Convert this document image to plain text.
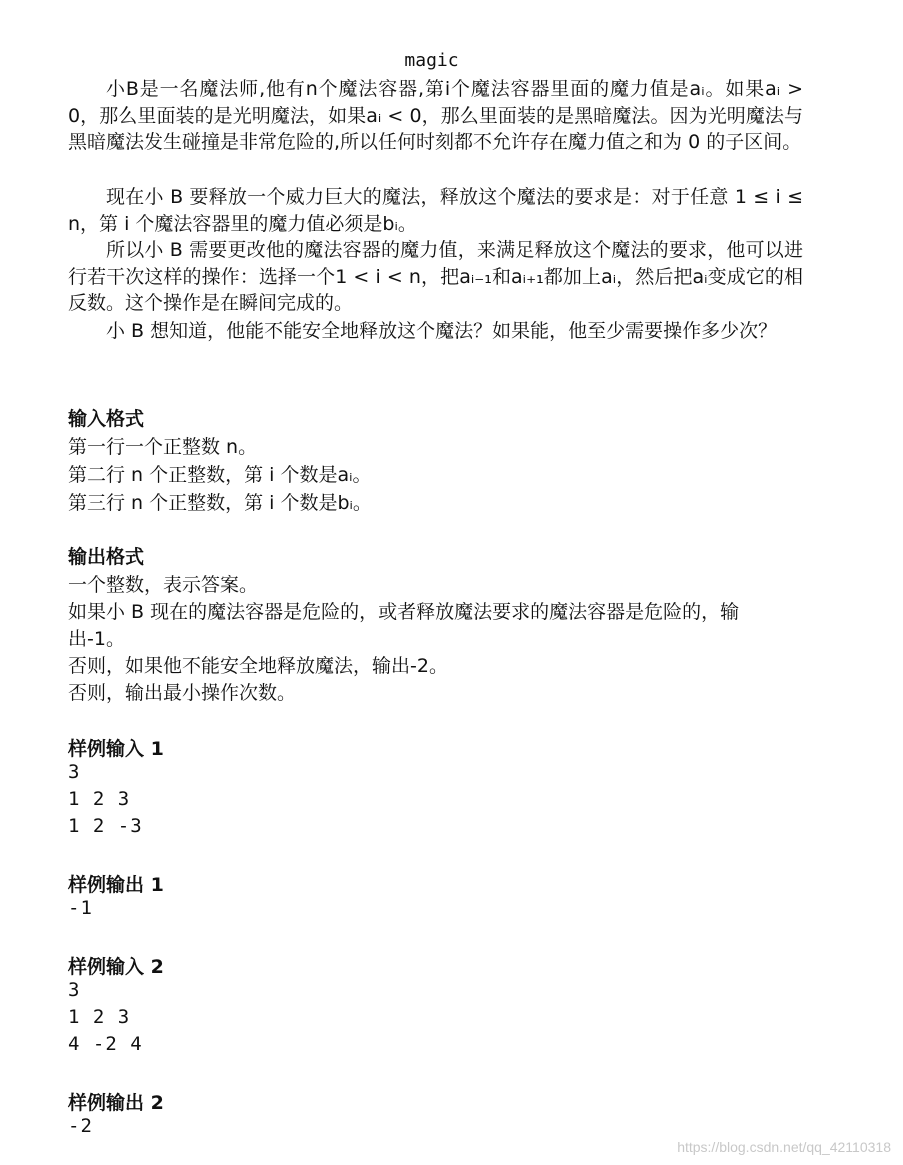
magic

小B是一名魔法师,他有n个魔法容器,第i个魔法容器里面的魔力值是aᵢ。如果aᵢ > 0，那么里面装的是光明魔法，如果aᵢ < 0，那么里面装的是黑暗魔法。因为光明魔法与黑暗魔法发生碰撞是非常危险的,所以任何时刻都不允许存在魔力值之和为 0 的子区间。

现在小 B 要释放一个威力巨大的魔法，释放这个魔法的要求是：对于任意 1 ≤ i ≤ n，第 i 个魔法容器里的魔力值必须是bᵢ。

所以小 B 需要更改他的魔法容器的魔力值，来满足释放这个魔法的要求，他可以进行若干次这样的操作：选择一个1 < i < n，把aᵢ₋₁和aᵢ₊₁都加上aᵢ，然后把aᵢ变成它的相反数。这个操作是在瞬间完成的。

小 B 想知道，他能不能安全地释放这个魔法？如果能，他至少需要操作多少次？

输入格式
第一行一个正整数 n。
第二行 n 个正整数，第 i 个数是aᵢ。
第三行 n 个正整数，第 i 个数是bᵢ。
输出格式
一个整数，表示答案。
如果小 B 现在的魔法容器是危险的，或者释放魔法要求的魔法容器是危险的，输
出-1。
否则，如果他不能安全地释放魔法，输出-2。
否则，输出最小操作次数。
样例输入 1
3
1 2 3
1 2 -3
样例输出 1
-1
样例输入 2
3
1 2 3
4 -2 4
样例输出 2
-2
https://blog.csdn.net/qq_42110318
